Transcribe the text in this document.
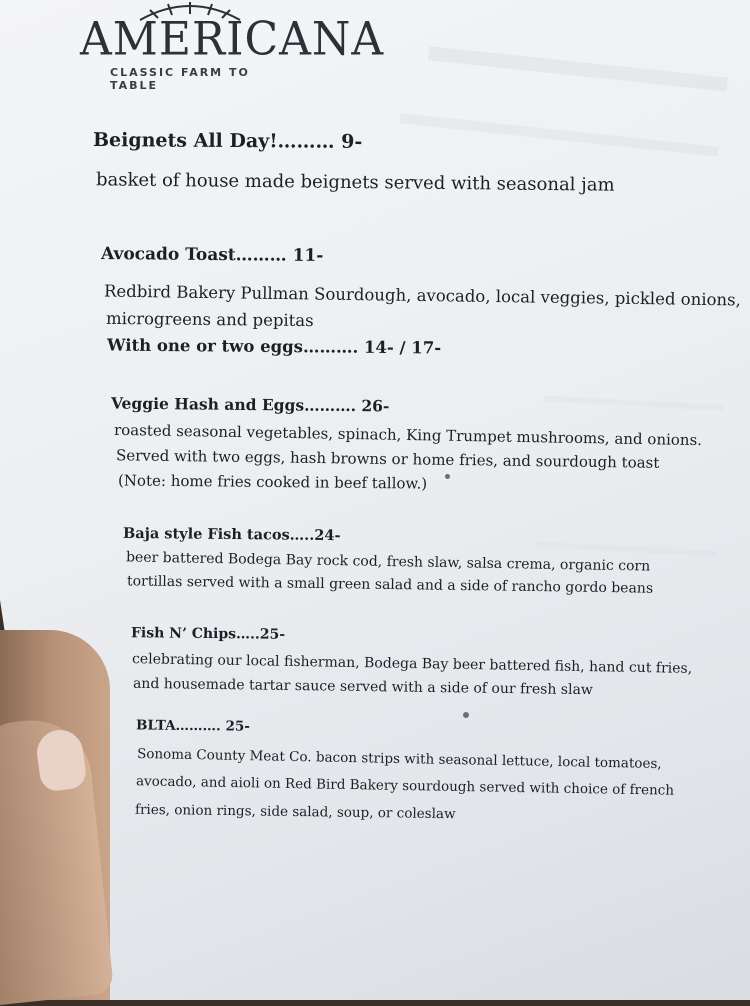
AMERICANA
CLASSIC FARM TO TABLE
Beignets All Day!……… 9-
basket of house made beignets served with seasonal jam
Avocado Toast……… 11-
Redbird Bakery Pullman Sourdough, avocado, local veggies, pickled onions,
microgreens and pepitas
With one or two eggs………. 14- / 17-
Veggie Hash and Eggs………. 26-
roasted seasonal vegetables, spinach, King Trumpet mushrooms, and onions.
Served with two eggs, hash browns or home fries, and sourdough toast
(Note: home fries cooked in beef tallow.)
Baja style Fish tacos…..24-
beer battered Bodega Bay rock cod, fresh slaw, salsa crema, organic corn
tortillas served with a small green salad and a side of rancho gordo beans
Fish N’ Chips…..25-
celebrating our local fisherman, Bodega Bay beer battered fish, hand cut fries,
and housemade tartar sauce served with a side of our fresh slaw
BLTA………. 25-
Sonoma County Meat Co. bacon strips with seasonal lettuce, local tomatoes,
avocado, and aioli on Red Bird Bakery sourdough served with choice of french
fries, onion rings, side salad, soup, or coleslaw
